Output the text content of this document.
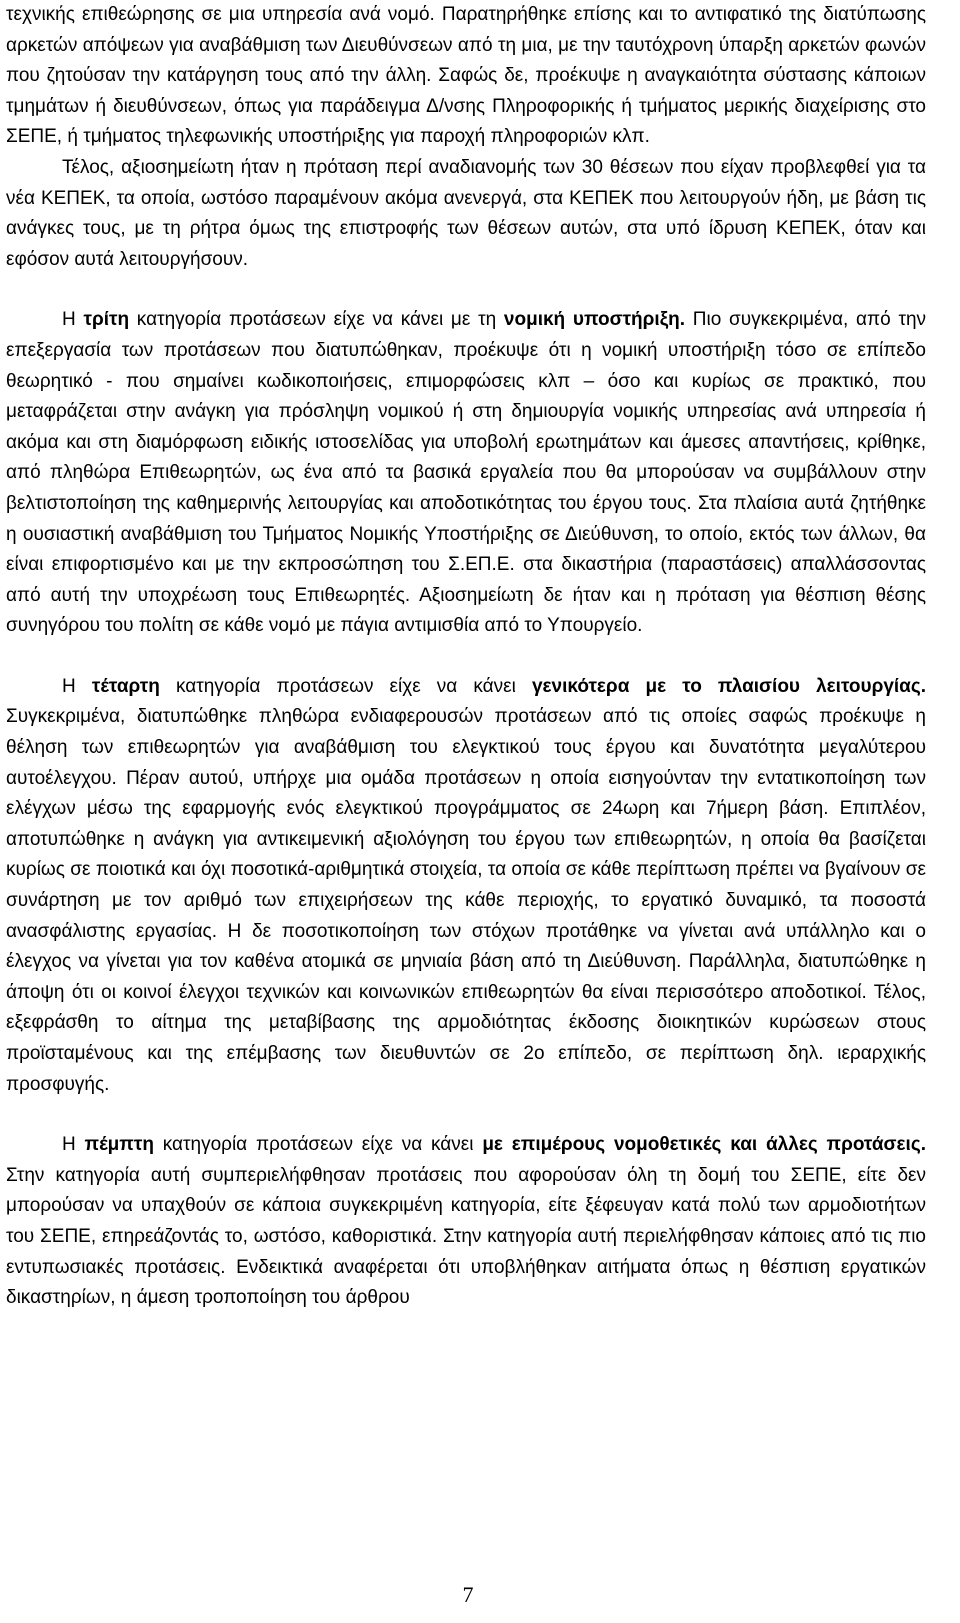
τεχνικής επιθεώρησης σε μια υπηρεσία ανά νομό. Παρατηρήθηκε επίσης και το αντιφατικό της διατύπωσης αρκετών απόψεων για αναβάθμιση των Διευθύνσεων από τη μια, με την ταυτόχρονη ύπαρξη αρκετών φωνών που ζητούσαν την κατάργηση τους από την άλλη. Σαφώς δε, προέκυψε η αναγκαιότητα σύστασης κάποιων τμημάτων ή διευθύνσεων, όπως για παράδειγμα Δ/νσης Πληροφορικής ή τμήματος μερικής διαχείρισης στο ΣΕΠΕ, ή τμήματος τηλεφωνικής υποστήριξης για παροχή πληροφοριών κλπ.

Τέλος, αξιοσημείωτη ήταν η πρόταση περί αναδιανομής των 30 θέσεων που είχαν προβλεφθεί για τα νέα ΚΕΠΕΚ, τα οποία, ωστόσο παραμένουν ακόμα ανενεργά, στα ΚΕΠΕΚ που λειτουργούν ήδη, με βάση τις ανάγκες τους, με τη ρήτρα όμως της επιστροφής των θέσεων αυτών, στα υπό ίδρυση ΚΕΠΕΚ, όταν και εφόσον αυτά λειτουργήσουν.

Η τρίτη κατηγορία προτάσεων είχε να κάνει με τη νομική υποστήριξη. Πιο συγκεκριμένα, από την επεξεργασία των προτάσεων που διατυπώθηκαν, προέκυψε ότι η νομική υποστήριξη τόσο σε επίπεδο θεωρητικό - που σημαίνει κωδικοποιήσεις, επιμορφώσεις κλπ – όσο και κυρίως σε πρακτικό, που μεταφράζεται στην ανάγκη για πρόσληψη νομικού ή στη δημιουργία νομικής υπηρεσίας ανά υπηρεσία ή ακόμα και στη διαμόρφωση ειδικής ιστοσελίδας για υποβολή ερωτημάτων και άμεσες απαντήσεις, κρίθηκε, από πληθώρα Επιθεωρητών, ως ένα από τα βασικά εργαλεία που θα μπορούσαν να συμβάλλουν στην βελτιστοποίηση της καθημερινής λειτουργίας και αποδοτικότητας του έργου τους. Στα πλαίσια αυτά ζητήθηκε η ουσιαστική αναβάθμιση του Τμήματος Νομικής Υποστήριξης σε Διεύθυνση, το οποίο, εκτός των άλλων, θα είναι επιφορτισμένο και με την εκπροσώπηση του Σ.ΕΠ.Ε. στα δικαστήρια (παραστάσεις) απαλλάσσοντας από αυτή την υποχρέωση τους Επιθεωρητές. Αξιοσημείωτη δε ήταν και η πρόταση για θέσπιση θέσης συνηγόρου του πολίτη σε κάθε νομό με πάγια αντιμισθία από το Υπουργείο.

Η τέταρτη κατηγορία προτάσεων είχε να κάνει γενικότερα με το πλαισίου λειτουργίας. Συγκεκριμένα, διατυπώθηκε πληθώρα ενδιαφερουσών προτάσεων από τις οποίες σαφώς προέκυψε η θέληση των επιθεωρητών για αναβάθμιση του ελεγκτικού τους έργου και δυνατότητα μεγαλύτερου αυτοέλεγχου. Πέραν αυτού, υπήρχε μια ομάδα προτάσεων η οποία εισηγούνταν την εντατικοποίηση των ελέγχων μέσω της εφαρμογής ενός ελεγκτικού προγράμματος σε 24ωρη και 7ήμερη βάση. Επιπλέον, αποτυπώθηκε η ανάγκη για αντικειμενική αξιολόγηση του έργου των επιθεωρητών, η οποία θα βασίζεται κυρίως σε ποιοτικά και όχι ποσοτικά-αριθμητικά στοιχεία, τα οποία σε κάθε περίπτωση πρέπει να βγαίνουν σε συνάρτηση με τον αριθμό των επιχειρήσεων της κάθε περιοχής, το εργατικό δυναμικό, τα ποσοστά ανασφάλιστης εργασίας. Η δε ποσοτικοποίηση των στόχων προτάθηκε να γίνεται ανά υπάλληλο και ο έλεγχος να γίνεται για τον καθένα ατομικά σε μηνιαία βάση από τη Διεύθυνση. Παράλληλα, διατυπώθηκε η άποψη ότι οι κοινοί έλεγχοι τεχνικών και κοινωνικών επιθεωρητών θα είναι περισσότερο αποδοτικοί. Τέλος, εξεφράσθη το αίτημα της μεταβίβασης της αρμοδιότητας έκδοσης διοικητικών κυρώσεων στους προϊσταμένους και της επέμβασης των διευθυντών σε 2ο επίπεδο, σε περίπτωση δηλ. ιεραρχικής προσφυγής.

Η πέμπτη κατηγορία προτάσεων είχε να κάνει με επιμέρους νομοθετικές και άλλες προτάσεις. Στην κατηγορία αυτή συμπεριελήφθησαν προτάσεις που αφορούσαν όλη τη δομή του ΣΕΠΕ, είτε δεν μπορούσαν να υπαχθούν σε κάποια συγκεκριμένη κατηγορία, είτε ξέφευγαν κατά πολύ των αρμοδιοτήτων του ΣΕΠΕ, επηρεάζοντάς το, ωστόσο, καθοριστικά. Στην κατηγορία αυτή περιελήφθησαν κάποιες από τις πιο εντυπωσιακές προτάσεις. Ενδεικτικά αναφέρεται ότι υποβλήθηκαν αιτήματα όπως η θέσπιση εργατικών δικαστηρίων, η άμεση τροποποίηση του άρθρου

7
